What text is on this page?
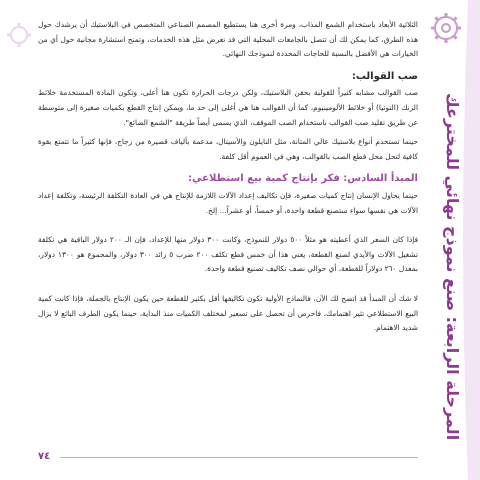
المرحلة الرابعة: صنع نموذج نهائي للمخترعك

الثلاثية الأبعاد باستخدام الشمع المذاب، ومرة أخرى هنا يستطيع المصمم الصناعي المتخصص في البلاستيك أن يرشدك حول هذه الطرق، كما يمكن لك أن تتصل بالجامعات المحلية التي قد تعرض مثل هذه الخدمات، وتمنح استشارة مجانية حول أي من الخيارات هي الأفضل بالنسبة للحاجات المحددة لنموذجك النهائي.

صب القوالب:

صب القوالب مشابه كثيراً للقولبة بحقن البلاستيك، ولكن درجات الحرارة تكون هنا أعلى، وتكون المادة المستخدمة خلائط الزنك (التوتيا) أو خلائط الألومينيوم، كما أن القوالب هنا هي أغلى إلى حد ما، ويمكن إنتاج القطع بكميات صغيرة إلى متوسطة عن طريق تقليد صب القوالب باستخدام الصب الموقف، الذي يسمى أيضاً طريقة "الشمع الضائع".

حينما تستخدم أنواع بلاستيك عالي المتانة، مثل النايلون والأسيتال، مدعمة بألياف قصيرة من زجاج، فإنها كثيراً ما تتمتع بقوة كافية لتحل محل قطع الصب بالقوالب، وهي في العموم أقل كلفة.

المبدأ السادس: فكر بإنتاج كمية بيع استطلاعي:

حينما يحاول الإنسان إنتاج كميات صغيرة، فإن تكاليف إعداد الآلات اللازمة للإنتاج هي في العادة التكلفة الرئيسة، وتكلفة إعداد الآلات هي نفسها سواء ستصنع قطعة واحدة، أو خمساً، أو عشراً... إلخ.

فإذا كان السعر الذي أعطيته هو مثلاً ٥٠٠ دولار للنموذج، وكانت ٣٠٠ دولار منها للإعداد، فإن الـ ٢٠٠ دولار الباقية هي تكلفة تشغيل الآلات والأيدي لصنع القطعة، يعني هذا أن خمس قطع تكلف ٢٠٠ ضرب ٥ زائد ٣٠٠ دولار، والمجموع هو ١٣٠٠ دولار، بمعدل ٢٦٠ دولاراً للقطعة، أي حوالي نصف تكاليف تصنيع قطعة واحدة.

لا شك أن المبدأ قد اتضح لك الآن، فالنماذج الأولية تكون تكاليفها أقل بكثير للقطعة حين يكون الإنتاج بالجملة، فإذا كانت كمية البيع الاستطلاعي تثير اهتمامك، فاحرص أن تحصل على تسعير لمختلف الكميات منذ البداية، حينما يكون الطرف البائع لا يزال شديد الاهتمام.

٧٤
